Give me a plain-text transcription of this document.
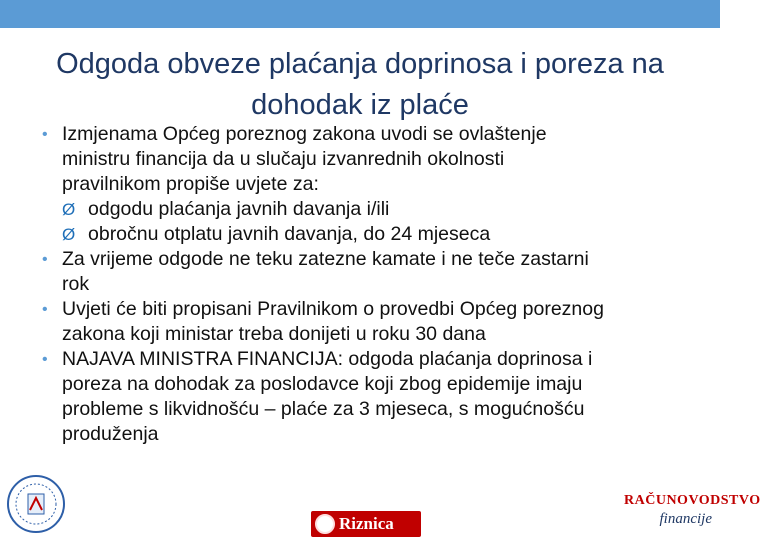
Odgoda obveze plaćanja doprinosa i poreza na dohodak iz plaće
• Izmjenama Općeg poreznog zakona uvodi se ovlaštenje
ministru financija da u slučaju izvanrednih okolnosti
pravilnikom propiše uvjete za:
Ø odgodu plaćanja javnih davanja i/ili
Ø obročnu otplatu javnih davanja, do 24 mjeseca
• Za vrijeme odgode ne teku zatezne kamate i ne teče zastarni
rok
• Uvjeti će biti propisani Pravilnikom o provedbi Općeg poreznog
zakona koji ministar treba donijeti u roku 30 dana
• NAJAVA MINISTRA FINANCIJA: odgoda plaćanja doprinosa i
poreza na dohodak za poslodavce koji zbog epidemije imaju
probleme s likvidnošću – plaće za 3 mjeseca, s mogućnošću
produženja
Riznica
RAČUNOVODSTVO
financije
